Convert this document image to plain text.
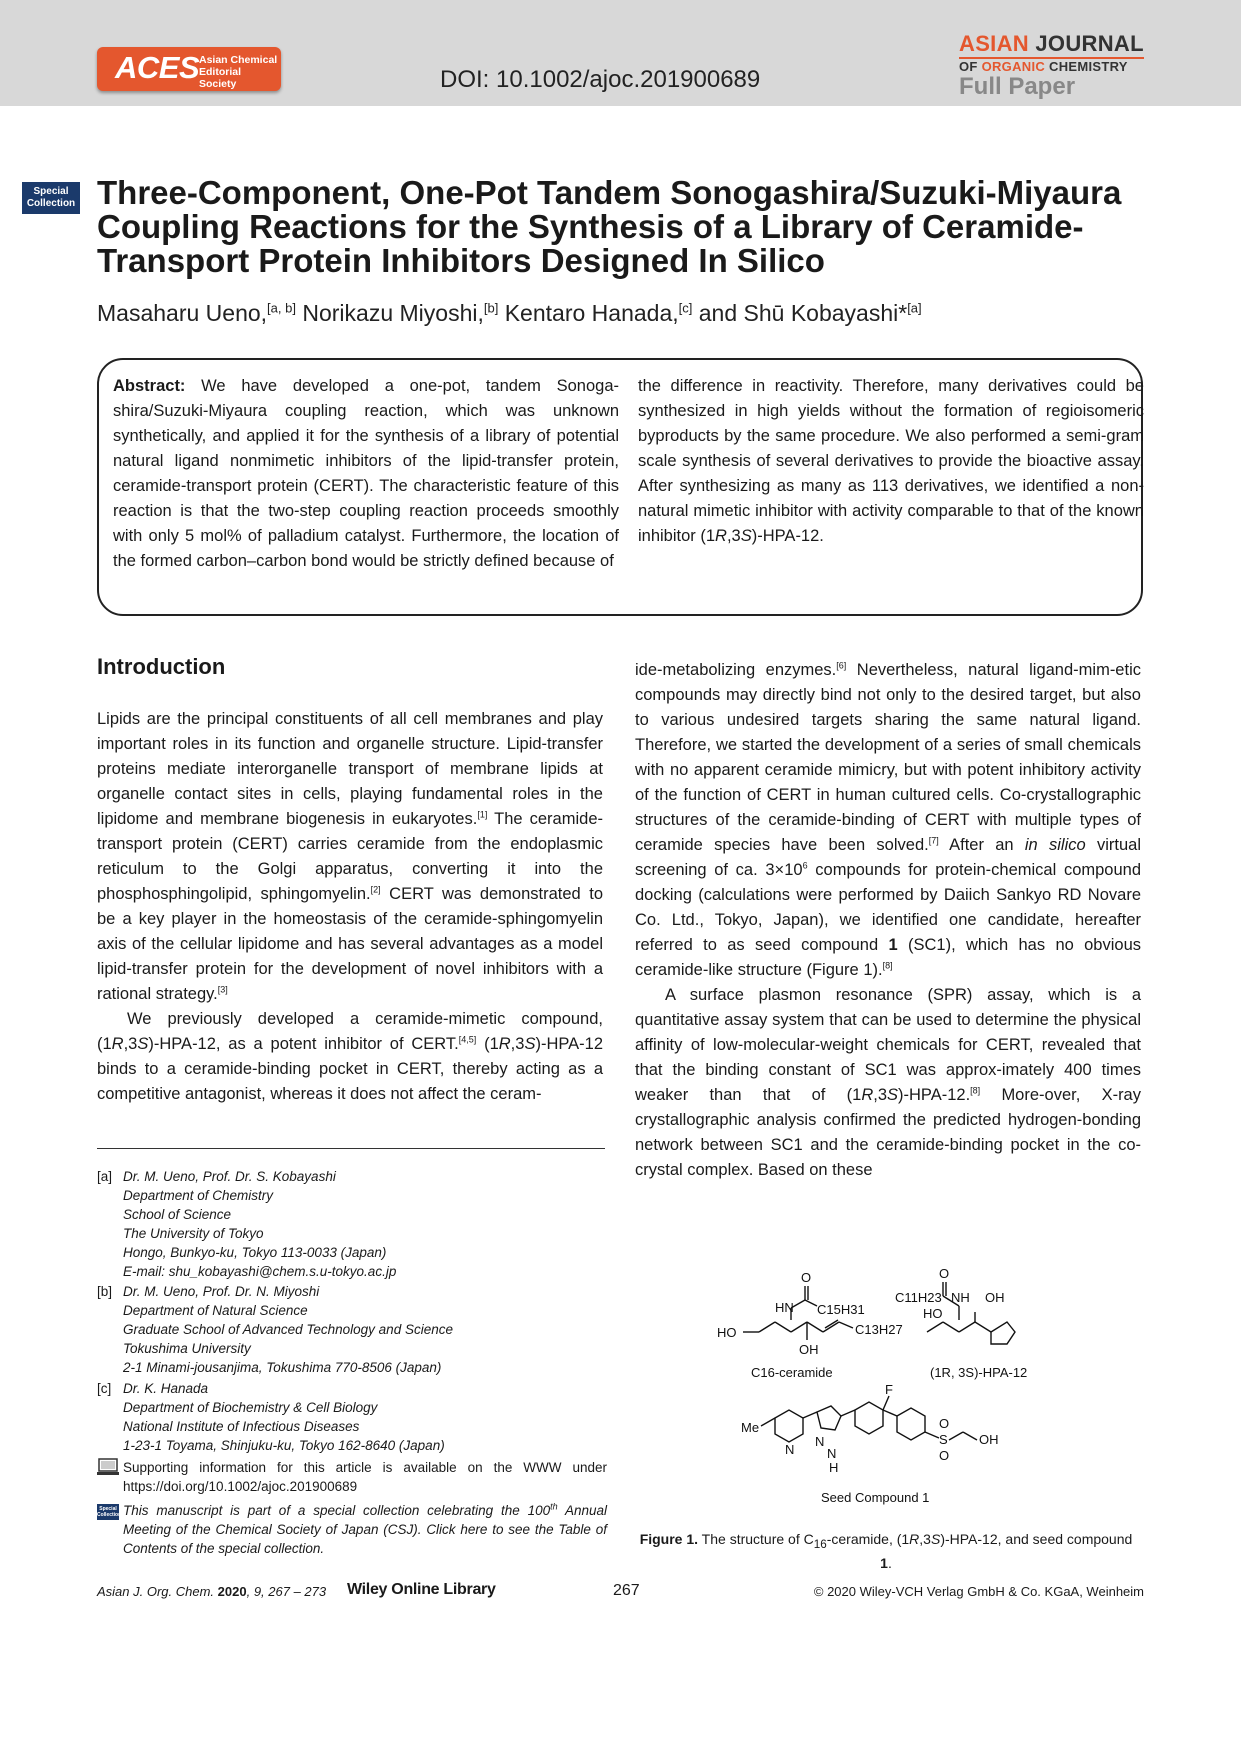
ACES Asian Chemical
Editorial Society	DOI: 10.1002/ajoc.201900689
ASIAN JOURNAL
OF ORGANIC CHEMISTRY
Full Paper
Special
Collection Three-Component, One-Pot Tandem Sonogashira/Suzuki-Miyaura Coupling Reactions for the Synthesis of a Library of Ceramide-Transport Protein Inhibitors Designed In Silico
Masaharu Ueno,[a, b] Norikazu Miyoshi,[b] Kentaro Hanada,[c] and Shū Kobayashi*[a]
Abstract: We have developed a one-pot, tandem Sonoga-shira/Suzuki-Miyaura coupling reaction, which was unknown synthetically, and applied it for the synthesis of a library of potential natural ligand nonmimetic inhibitors of the lipid-transfer protein, ceramide-transport protein (CERT). The characteristic feature of this reaction is that the two-step coupling reaction proceeds smoothly with only 5 mol% of palladium catalyst. Furthermore, the location of the formed carbon–carbon bond would be strictly defined because of
the difference in reactivity. Therefore, many derivatives could be synthesized in high yields without the formation of regioisomeric byproducts by the same procedure. We also performed a semi-gram scale synthesis of several derivatives to provide the bioactive assay. After synthesizing as many as 113 derivatives, we identified a non-natural mimetic inhibitor with activity comparable to that of the known inhibitor (1R,3S)-HPA-12.
Introduction

Lipids are the principal constituents of all cell membranes and play important roles in its function and organelle structure. Lipid-transfer proteins mediate interorganelle transport of membrane lipids at organelle contact sites in cells, playing fundamental roles in the lipidome and membrane biogenesis in eukaryotes.[1] The ceramide-transport protein (CERT) carries ceramide from the endoplasmic reticulum to the Golgi apparatus, converting it into the phosphosphingolipid, sphingomyelin.[2] CERT was demonstrated to be a key player in the homeostasis of the ceramide-sphingomyelin axis of the cellular lipidome and has several advantages as a model lipid-transfer protein for the development of novel inhibitors with a rational strategy.[3]

We previously developed a ceramide-mimetic compound, (1R,3S)-HPA-12, as a potent inhibitor of CERT.[4,5] (1R,3S)-HPA-12 binds to a ceramide-binding pocket in CERT, thereby acting as a competitive antagonist, whereas it does not affect the ceram-

ide-metabolizing enzymes.[6] Nevertheless, natural ligand-mim-etic compounds may directly bind not only to the desired target, but also to various undesired targets sharing the same natural ligand. Therefore, we started the development of a series of small chemicals with no apparent ceramide mimicry, but with potent inhibitory activity of the function of CERT in human cultured cells. Co-crystallographic structures of the ceramide-binding of CERT with multiple types of ceramide species have been solved.[7] After an in silico virtual screening of ca. $3\times 10^6$ compounds for protein-chemical compound docking (calculations were performed by Daiich Sankyo RD Novare Co. Ltd., Tokyo, Japan), we identified one candidate, hereafter referred to as seed compound 1 (SC1), which has no obvious ceramide-like structure (Figure 1).[8]

A surface plasmon resonance (SPR) assay, which is a quantitative assay system that can be used to determine the physical affinity of low-molecular-weight chemicals for CERT, revealed that that the binding constant of SC1 was approx-imately 400 times weaker than that of (1R,3S)-HPA-12.[8] More-over, X-ray crystallographic analysis confirmed the predicted hydrogen-bonding network between SC1 and the ceramide-binding pocket in the co-crystal complex. Based on these

[a] Dr. M. Ueno, Prof. Dr. S. Kobayashi
Department of Chemistry
School of Science
The University of Tokyo
Hongo, Bunkyo-ku, Tokyo 113-0033 (Japan)
E-mail: shu_kobayashi@chem.s.u-tokyo.ac.jp
[b] Dr. M. Ueno, Prof. Dr. N. Miyoshi
Department of Natural Science
Graduate School of Advanced Technology and Science
Tokushima University
2-1 Minami-jousanjima, Tokushima 770-8506 (Japan)
[c] Dr. K. Hanada
Department of Biochemistry & Cell Biology
National Institute of Infectious Diseases
1-23-1 Toyama, Shinjuku-ku, Tokyo 162-8640 (Japan)
Supporting information for this article is available on the WWW under https://doi.org/10.1002/ajoc.201900689
Special
Collection This manuscript is part of a special collection celebrating the 100th Annual Meeting of the Chemical Society of Japan (CSJ). Click here to see the Table of Contents of the special collection.
O
HN C15H31
HO	C13H27
OH
C16-ceramide
O
C11H23 NH OH
HO
(1R, 3S)-HPA-12
F
Me
N
N
N
H
S
O
O
OH
Seed Compound 1
Figure 1. The structure of $C_{16}$-ceramide, (1R,3S)-HPA-12, and seed compound 1.
Asian J. Org. Chem. 2020, 9, 267 – 273 Wiley Online Library	267	© 2020 Wiley-VCH Verlag GmbH & Co. KGaA, Weinheim
